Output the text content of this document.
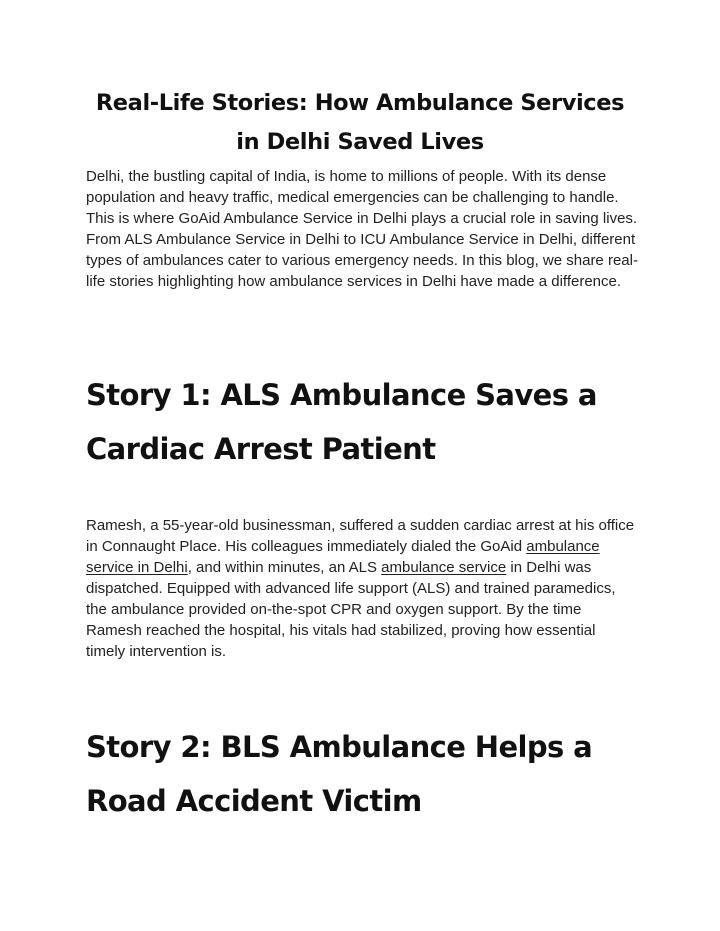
Real-Life Stories: How Ambulance Services in Delhi Saved Lives

Delhi, the bustling capital of India, is home to millions of people. With its dense population and heavy traffic, medical emergencies can be challenging to handle. This is where GoAid Ambulance Service in Delhi plays a crucial role in saving lives. From ALS Ambulance Service in Delhi to ICU Ambulance Service in Delhi, different types of ambulances cater to various emergency needs. In this blog, we share real-life stories highlighting how ambulance services in Delhi have made a difference.

Story 1: ALS Ambulance Saves a Cardiac Arrest Patient

Ramesh, a 55-year-old businessman, suffered a sudden cardiac arrest at his office in Connaught Place. His colleagues immediately dialed the GoAid ambulance service in Delhi, and within minutes, an ALS ambulance service in Delhi was dispatched. Equipped with advanced life support (ALS) and trained paramedics, the ambulance provided on-the-spot CPR and oxygen support. By the time Ramesh reached the hospital, his vitals had stabilized, proving how essential timely intervention is.

Story 2: BLS Ambulance Helps a Road Accident Victim
